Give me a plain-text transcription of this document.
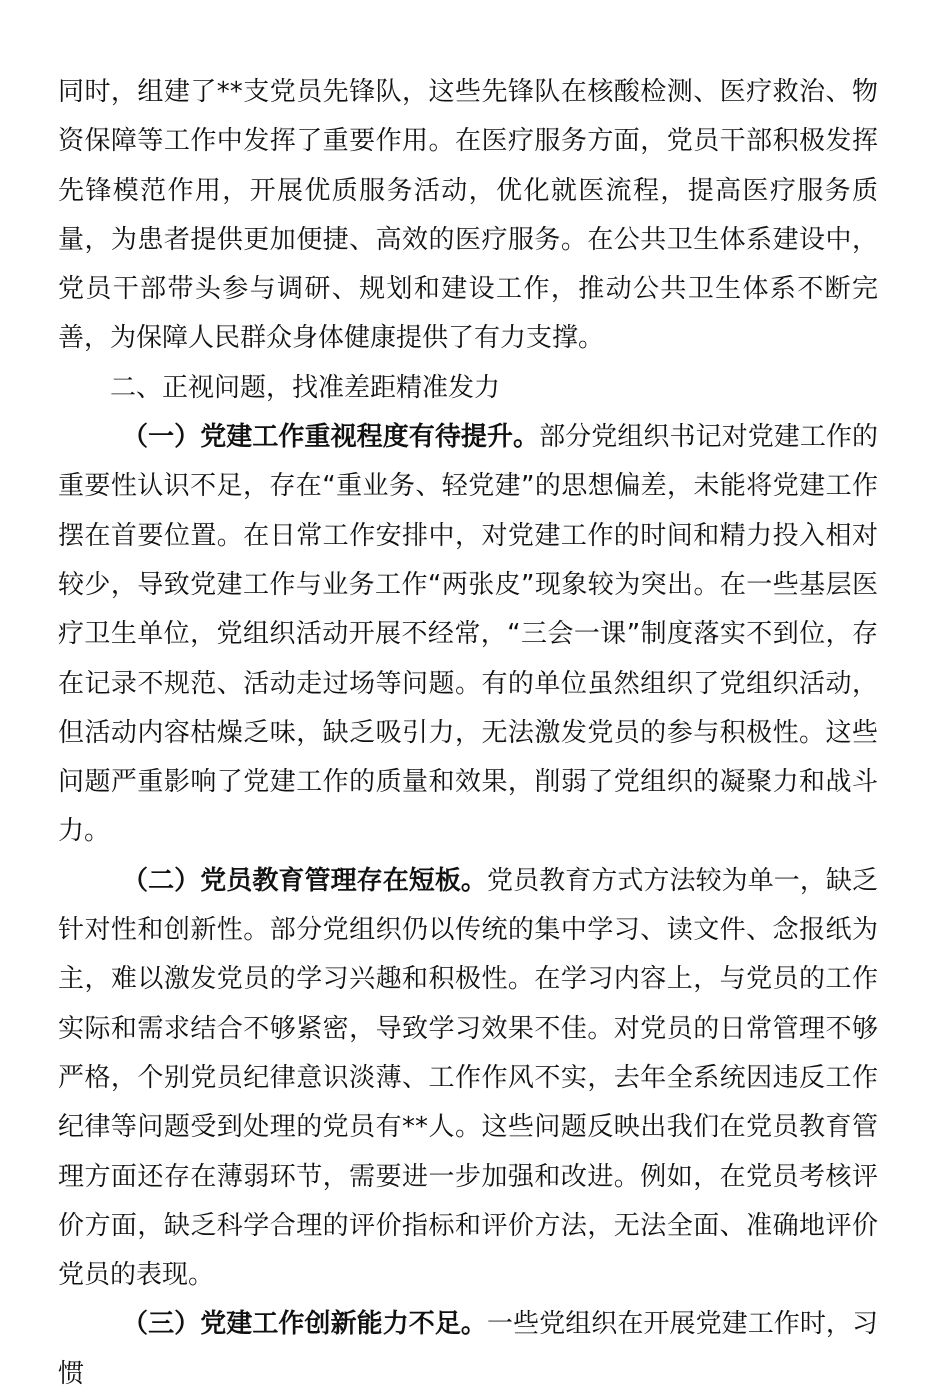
同时，组建了**支党员先锋队，这些先锋队在核酸检测、医疗救治、物资保障等工作中发挥了重要作用。在医疗服务方面，党员干部积极发挥先锋模范作用，开展优质服务活动，优化就医流程，提高医疗服务质量，为患者提供更加便捷、高效的医疗服务。在公共卫生体系建设中，党员干部带头参与调研、规划和建设工作，推动公共卫生体系不断完善，为保障人民群众身体健康提供了有力支撑。

二、正视问题，找准差距精准发力

（一）党建工作重视程度有待提升。部分党组织书记对党建工作的重要性认识不足，存在“重业务、轻党建”的思想偏差，未能将党建工作摆在首要位置。在日常工作安排中，对党建工作的时间和精力投入相对较少，导致党建工作与业务工作“两张皮”现象较为突出。在一些基层医疗卫生单位，党组织活动开展不经常，“三会一课”制度落实不到位，存在记录不规范、活动走过场等问题。有的单位虽然组织了党组织活动，但活动内容枯燥乏味，缺乏吸引力，无法激发党员的参与积极性。这些问题严重影响了党建工作的质量和效果，削弱了党组织的凝聚力和战斗力。

（二）党员教育管理存在短板。党员教育方式方法较为单一，缺乏针对性和创新性。部分党组织仍以传统的集中学习、读文件、念报纸为主，难以激发党员的学习兴趣和积极性。在学习内容上，与党员的工作实际和需求结合不够紧密，导致学习效果不佳。对党员的日常管理不够严格，个别党员纪律意识淡薄、工作作风不实，去年全系统因违反工作纪律等问题受到处理的党员有**人。这些问题反映出我们在党员教育管理方面还存在薄弱环节，需要进一步加强和改进。例如，在党员考核评价方面，缺乏科学合理的评价指标和评价方法，无法全面、准确地评价党员的表现。

（三）党建工作创新能力不足。一些党组织在开展党建工作时，习惯
